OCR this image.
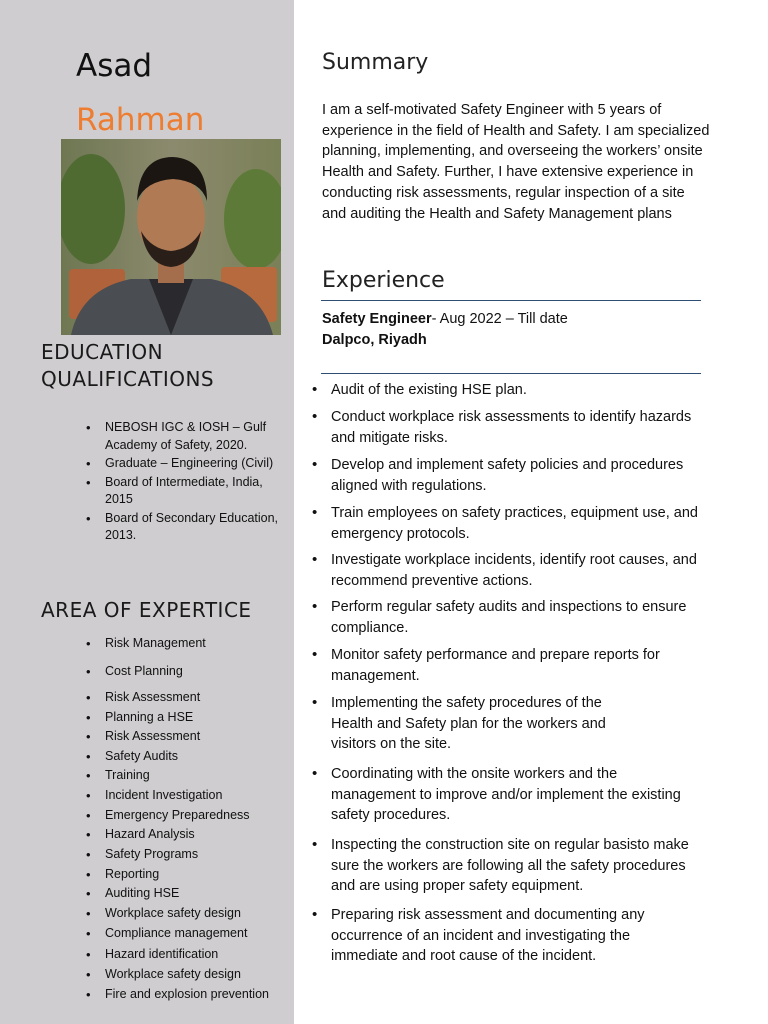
Asad
Rahman
EDUCATION QUALIFICATIONS
• NEBOSH IGC & IOSH – Gulf Academy of Safety, 2020.
• Graduate – Engineering (Civil)
• Board of Intermediate, India, 2015
• Board of Secondary Education, 2013.
AREA OF EXPERTICE
• Risk Management
• Cost Planning
• Risk Assessment
• Planning a HSE
• Risk Assessment
• Safety Audits
• Training
• Incident Investigation
• Emergency Preparedness
• Hazard Analysis
• Safety Programs
• Reporting
• Auditing HSE
• Workplace safety design
• Compliance management
• Hazard identification
• Workplace safety design
• Fire and explosion prevention
Summary
I am a self-motivated Safety Engineer with 5 years of experience in the field of Health and Safety. I am specialized planning, implementing, and overseeing the workers’ onsite Health and Safety. Further, I have extensive experience in conducting risk assessments, regular inspection of a site and auditing the Health and Safety Management plans
Experience
Safety Engineer- Aug 2022 – Till date
Dalpco, Riyadh
• Audit of the existing HSE plan.
• Conduct workplace risk assessments to identify hazards and mitigate risks.
• Develop and implement safety policies and procedures aligned with regulations.
• Train employees on safety practices, equipment use, and emergency protocols.
• Investigate workplace incidents, identify root causes, and recommend preventive actions.
• Perform regular safety audits and inspections to ensure compliance.
• Monitor safety performance and prepare reports for management.
• Implementing the safety procedures of the Health and Safety plan for the workers and visitors on the site.
• Coordinating with the onsite workers and the management to improve and/or implement the existing safety procedures.
• Inspecting the construction site on regular basisto make sure the workers are following all the safety procedures and are using proper safety equipment.
• Preparing risk assessment and documenting any occurrence of an incident and investigating the immediate and root cause of the incident.
